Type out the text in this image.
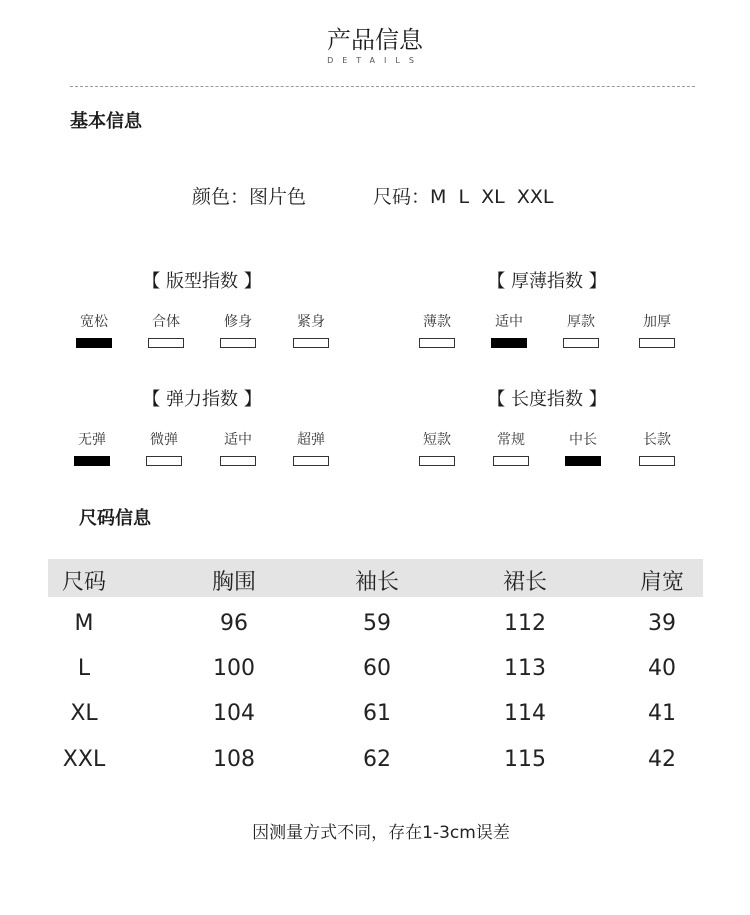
产品信息
DETAILS
基本信息
颜色：图片色	尺码：M  L  XL  XXL
【 版型指数 】	【 厚薄指数 】
【 弹力指数 】	【 长度指数 】
宽松	合体	修身	紧身	薄款	适中	厚款	加厚
无弹	微弹	适中	超弹	短款	常规	中长	长款
尺码信息
尺码	胸围	袖长	裙长	肩宽
M	96	59	112	39
L	100	60	113	40
XL	104	61	114	41
XXL	108	62	115	42
因测量方式不同，存在1-3cm误差
